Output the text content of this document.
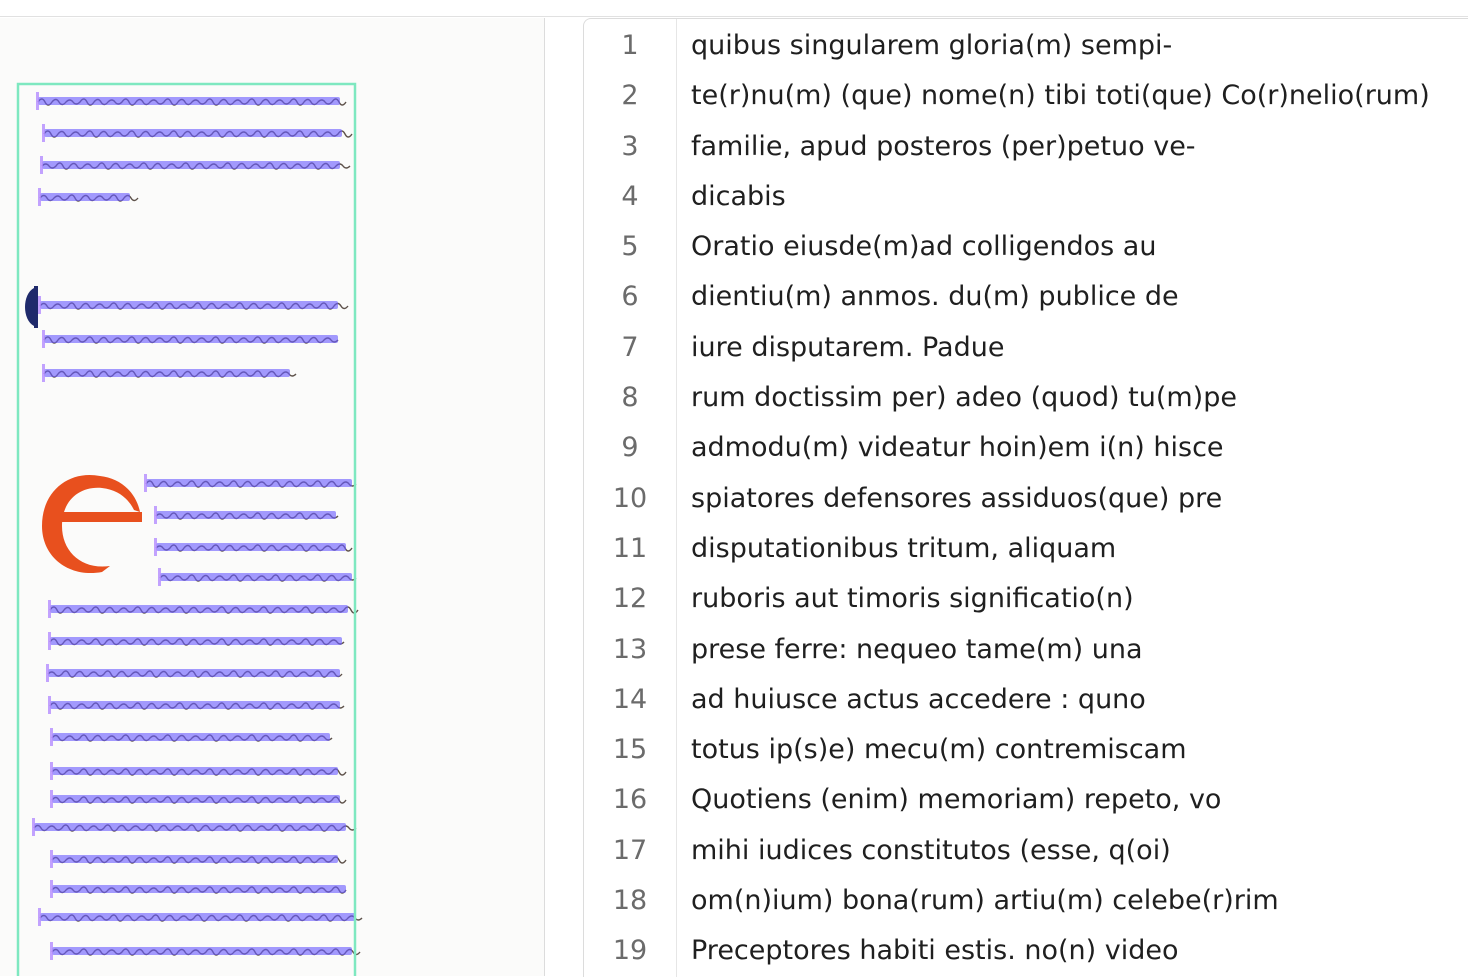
1	quibus singularem gloria(m) sempi-
2	te(r)nu(m) (que) nome(n) tibi toti(que) Co(r)nelio(rum)
3	familie, apud posteros (per)petuo ve-
4	dicabis
5	Oratio eiusde(m)ad colligendos au
6	dientiu(m) anmos. du(m) publice de
7	iure disputarem. Padue
8	rum doctissim per) adeo (quod) tu(m)pe
9	admodu(m) videatur hoin)em i(n) hisce
10	spiatores defensores assiduos(que) pre
11	disputationibus tritum, aliquam
12	ruboris aut timoris significatio(n)
13	prese ferre: nequeo tame(m) una
14	ad huiusce actus accedere : quno
15	totus ip(s)e) mecu(m) contremiscam
16	Quotiens (enim) memoriam) repeto, vo
17	mihi iudices constitutos (esse, q(oi)
18	om(n)ium) bona(rum) artiu(m) celebe(r)rim
19	Preceptores habiti estis. no(n) video
